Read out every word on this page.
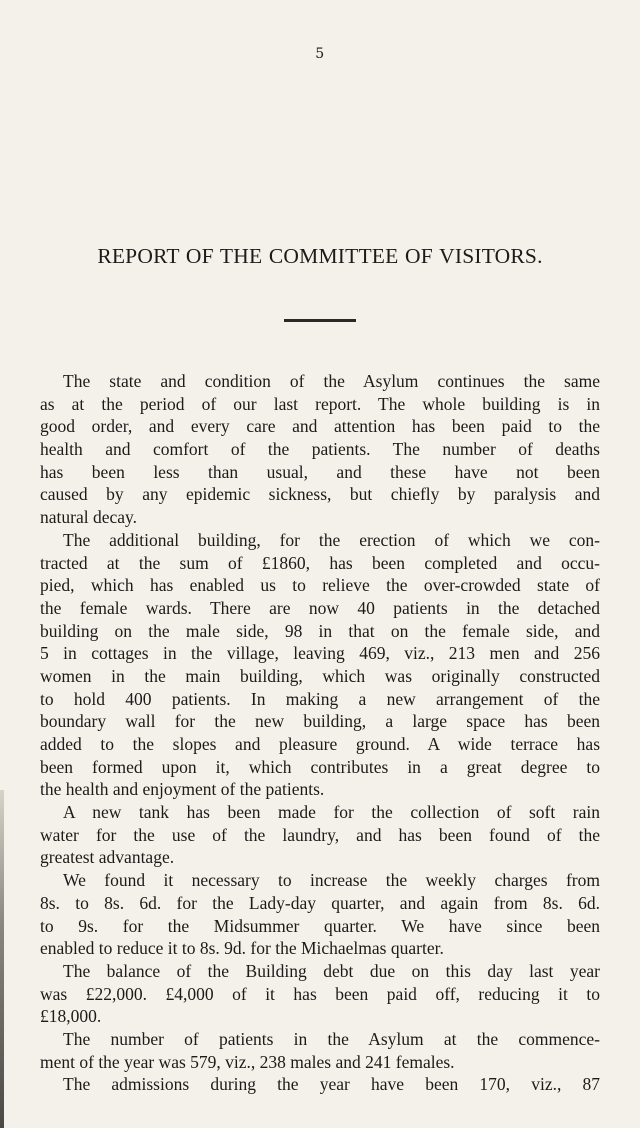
5
REPORT OF THE COMMITTEE OF VISITORS.
The state and condition of the Asylum continues the same
as at the period of our last report. The whole building is in
good order, and every care and attention has been paid to the
health and comfort of the patients. The number of deaths
has been less than usual, and these have not been
caused by any epidemic sickness, but chiefly by paralysis and
natural decay.
The additional building, for the erection of which we con-
tracted at the sum of £1860, has been completed and occu-
pied, which has enabled us to relieve the over-crowded state of
the female wards. There are now 40 patients in the detached
building on the male side, 98 in that on the female side, and
5 in cottages in the village, leaving 469, viz., 213 men and 256
women in the main building, which was originally constructed
to hold 400 patients. In making a new arrangement of the
boundary wall for the new building, a large space has been
added to the slopes and pleasure ground. A wide terrace has
been formed upon it, which contributes in a great degree to
the health and enjoyment of the patients.
A new tank has been made for the collection of soft rain
water for the use of the laundry, and has been found of the
greatest advantage.
We found it necessary to increase the weekly charges from
8s. to 8s. 6d. for the Lady-day quarter, and again from 8s. 6d.
to 9s. for the Midsummer quarter. We have since been
enabled to reduce it to 8s. 9d. for the Michaelmas quarter.
The balance of the Building debt due on this day last year
was £22,000. £4,000 of it has been paid off, reducing it to
£18,000.
The number of patients in the Asylum at the commence-
ment of the year was 579, viz., 238 males and 241 females.
The admissions during the year have been 170, viz., 87
